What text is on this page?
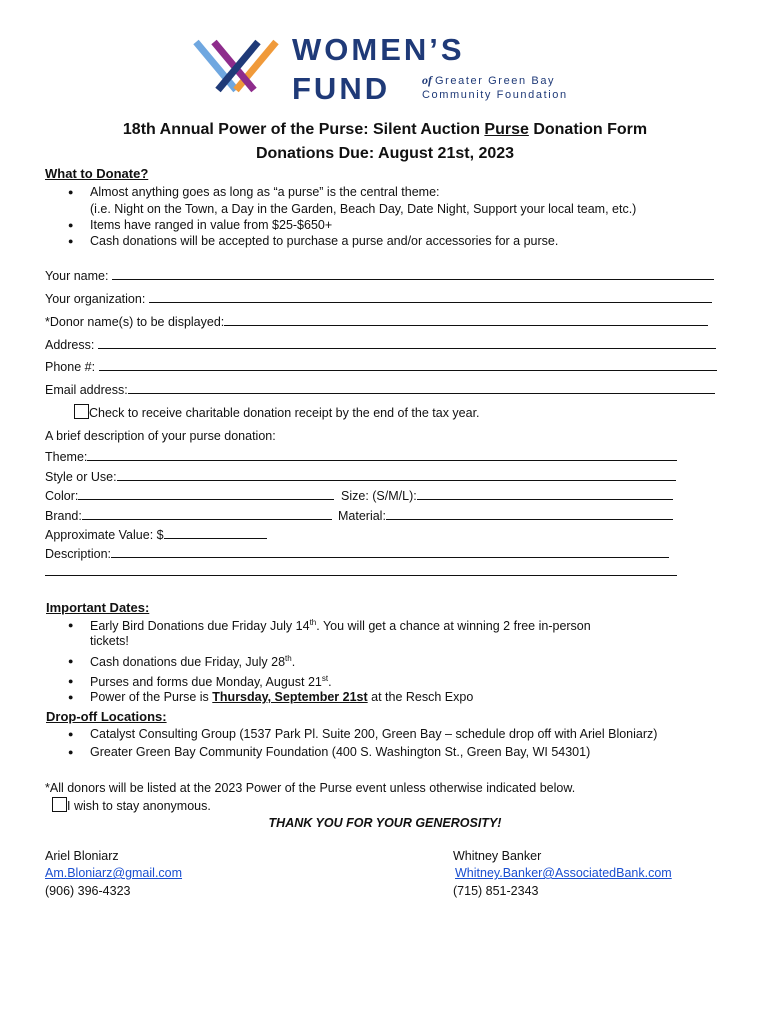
WOMEN’S
FUND	of Greater Green Bay
Community Foundation
18th Annual Power of the Purse: Silent Auction Purse Donation Form
Donations Due: August 21st, 2023
What to Donate?
● Almost anything goes as long as “a purse” is the central theme:
(i.e. Night on the Town, a Day in the Garden, Beach Day, Date Night, Support your local team, etc.)
● Items have ranged in value from $25-$650+
● Cash donations will be accepted to purchase a purse and/or accessories for a purse.
Your name:
Your organization:
*Donor name(s) to be displayed:
Address:
Phone #:
Email address:
Check to receive charitable donation receipt by the end of the tax year.
A brief description of your purse donation:
Theme:
Style or Use:
Color:	Size: (S/M/L):
Brand:	Material:
Approximate Value: $
Description:
Important Dates:
● Early Bird Donations due Friday July 14th. You will get a chance at winning 2 free in-person
tickets!
● Cash donations due Friday, July 28th.
● Purses and forms due Monday, August 21st.
● Power of the Purse is Thursday, September 21st at the Resch Expo
Drop-off Locations:
● Catalyst Consulting Group (1537 Park Pl. Suite 200, Green Bay – schedule drop off with Ariel Bloniarz)
● Greater Green Bay Community Foundation (400 S. Washington St., Green Bay, WI 54301)
*All donors will be listed at the 2023 Power of the Purse event unless otherwise indicated below.
I wish to stay anonymous.
THANK YOU FOR YOUR GENEROSITY!
Ariel Bloniarz
Am.Bloniarz@gmail.com
(906) 396-4323
Whitney Banker
Whitney.Banker@AssociatedBank.com
(715) 851-2343
